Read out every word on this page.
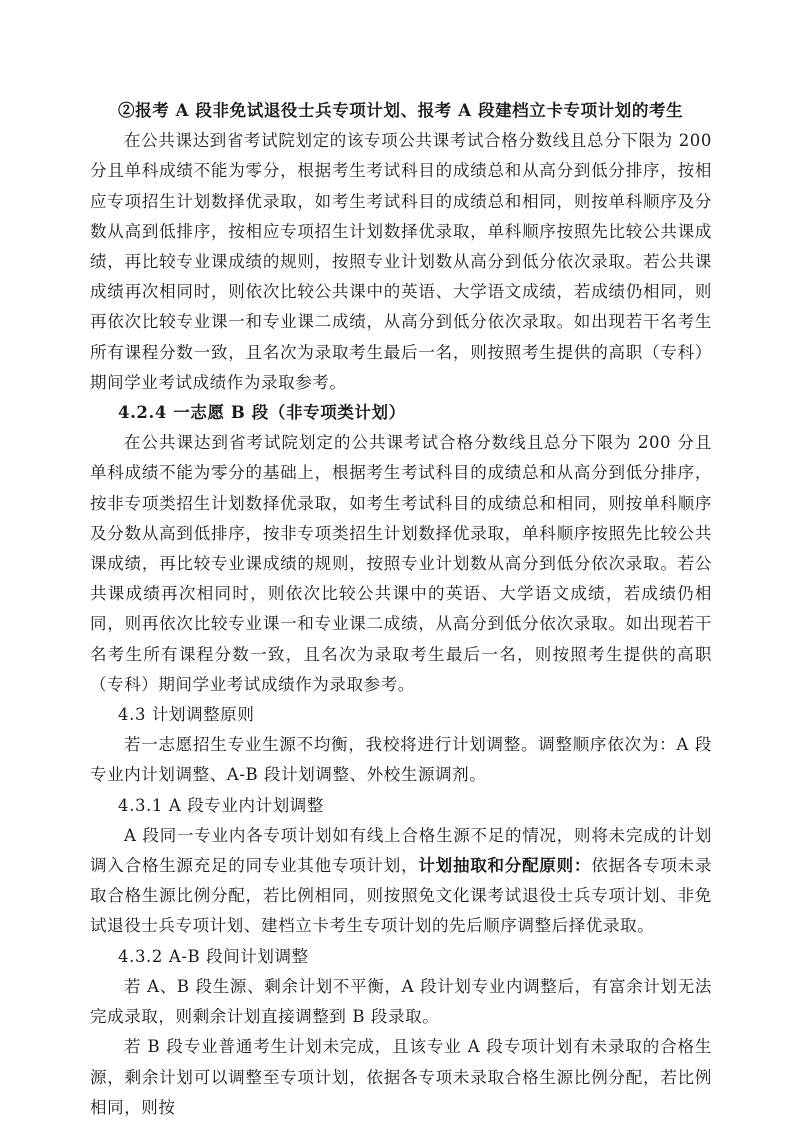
②报考 A 段非免试退役士兵专项计划、报考 A 段建档立卡专项计划的考生

在公共课达到省考试院划定的该专项公共课考试合格分数线且总分下限为 200 分且单科成绩不能为零分，根据考生考试科目的成绩总和从高分到低分排序，按相应专项招生计划数择优录取，如考生考试科目的成绩总和相同，则按单科顺序及分数从高到低排序，按相应专项招生计划数择优录取，单科顺序按照先比较公共课成绩，再比较专业课成绩的规则，按照专业计划数从高分到低分依次录取。若公共课成绩再次相同时，则依次比较公共课中的英语、大学语文成绩，若成绩仍相同，则再依次比较专业课一和专业课二成绩，从高分到低分依次录取。如出现若干名考生所有课程分数一致，且名次为录取考生最后一名，则按照考生提供的高职（专科）期间学业考试成绩作为录取参考。

4.2.4 一志愿 B 段（非专项类计划）

在公共课达到省考试院划定的公共课考试合格分数线且总分下限为 200 分且单科成绩不能为零分的基础上，根据考生考试科目的成绩总和从高分到低分排序，按非专项类招生计划数择优录取，如考生考试科目的成绩总和相同，则按单科顺序及分数从高到低排序，按非专项类招生计划数择优录取，单科顺序按照先比较公共课成绩，再比较专业课成绩的规则，按照专业计划数从高分到低分依次录取。若公共课成绩再次相同时，则依次比较公共课中的英语、大学语文成绩，若成绩仍相同，则再依次比较专业课一和专业课二成绩，从高分到低分依次录取。如出现若干名考生所有课程分数一致，且名次为录取考生最后一名，则按照考生提供的高职（专科）期间学业考试成绩作为录取参考。

4.3 计划调整原则

若一志愿招生专业生源不均衡，我校将进行计划调整。调整顺序依次为：A 段专业内计划调整、A-B 段计划调整、外校生源调剂。

4.3.1 A 段专业内计划调整

A 段同一专业内各专项计划如有线上合格生源不足的情况，则将未完成的计划调入合格生源充足的同专业其他专项计划，计划抽取和分配原则：依据各专项未录取合格生源比例分配，若比例相同，则按照免文化课考试退役士兵专项计划、非免试退役士兵专项计划、建档立卡考生专项计划的先后顺序调整后择优录取。

4.3.2 A-B 段间计划调整

若 A、B 段生源、剩余计划不平衡，A 段计划专业内调整后，有富余计划无法完成录取，则剩余计划直接调整到 B 段录取。

若 B 段专业普通考生计划未完成，且该专业 A 段专项计划有未录取的合格生源，剩余计划可以调整至专项计划，依据各专项未录取合格生源比例分配，若比例相同，则按
